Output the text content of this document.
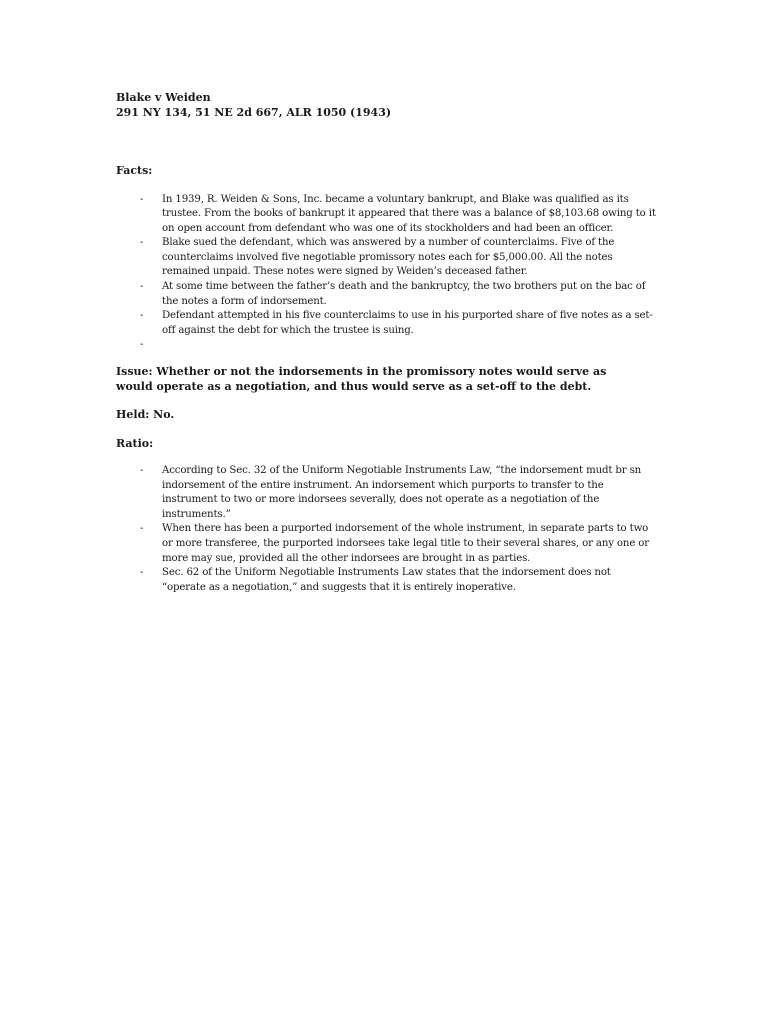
Blake v Weiden
291 NY 134, 51 NE 2d 667, ALR 1050 (1943)
Facts:
- In 1939, R. Weiden & Sons, Inc. became a voluntary bankrupt, and Blake was qualified as its trustee. From the books of bankrupt it appeared that there was a balance of $8,103.68 owing to it on open account from defendant who was one of its stockholders and had been an officer.
- Blake sued the defendant, which was answered by a number of counterclaims. Five of the counterclaims involved five negotiable promissory notes each for $5,000.00. All the notes remained unpaid. These notes were signed by Weiden’s deceased father.
- At some time between the father’s death and the bankruptcy, the two brothers put on the bac of the notes a form of indorsement.
- Defendant attempted in his five counterclaims to use in his purported share of five notes as a set-off against the debt for which the trustee is suing.
-
Issue: Whether or not the indorsements in the promissory notes would serve as would operate as a negotiation, and thus would serve as a set-off to the debt.
Held: No.
Ratio:
- According to Sec. 32 of the Uniform Negotiable Instruments Law, “the indorsement mudt br sn indorsement of the entire instrument. An indorsement which purports to transfer to the instrument to two or more indorsees severally, does not operate as a negotiation of the instruments.”
- When there has been a purported indorsement of the whole instrument, in separate parts to two or more transferee, the purported indorsees take legal title to their several shares, or any one or more may sue, provided all the other indorsees are brought in as parties.
- Sec. 62 of the Uniform Negotiable Instruments Law states that the indorsement does not “operate as a negotiation,” and suggests that it is entirely inoperative.
